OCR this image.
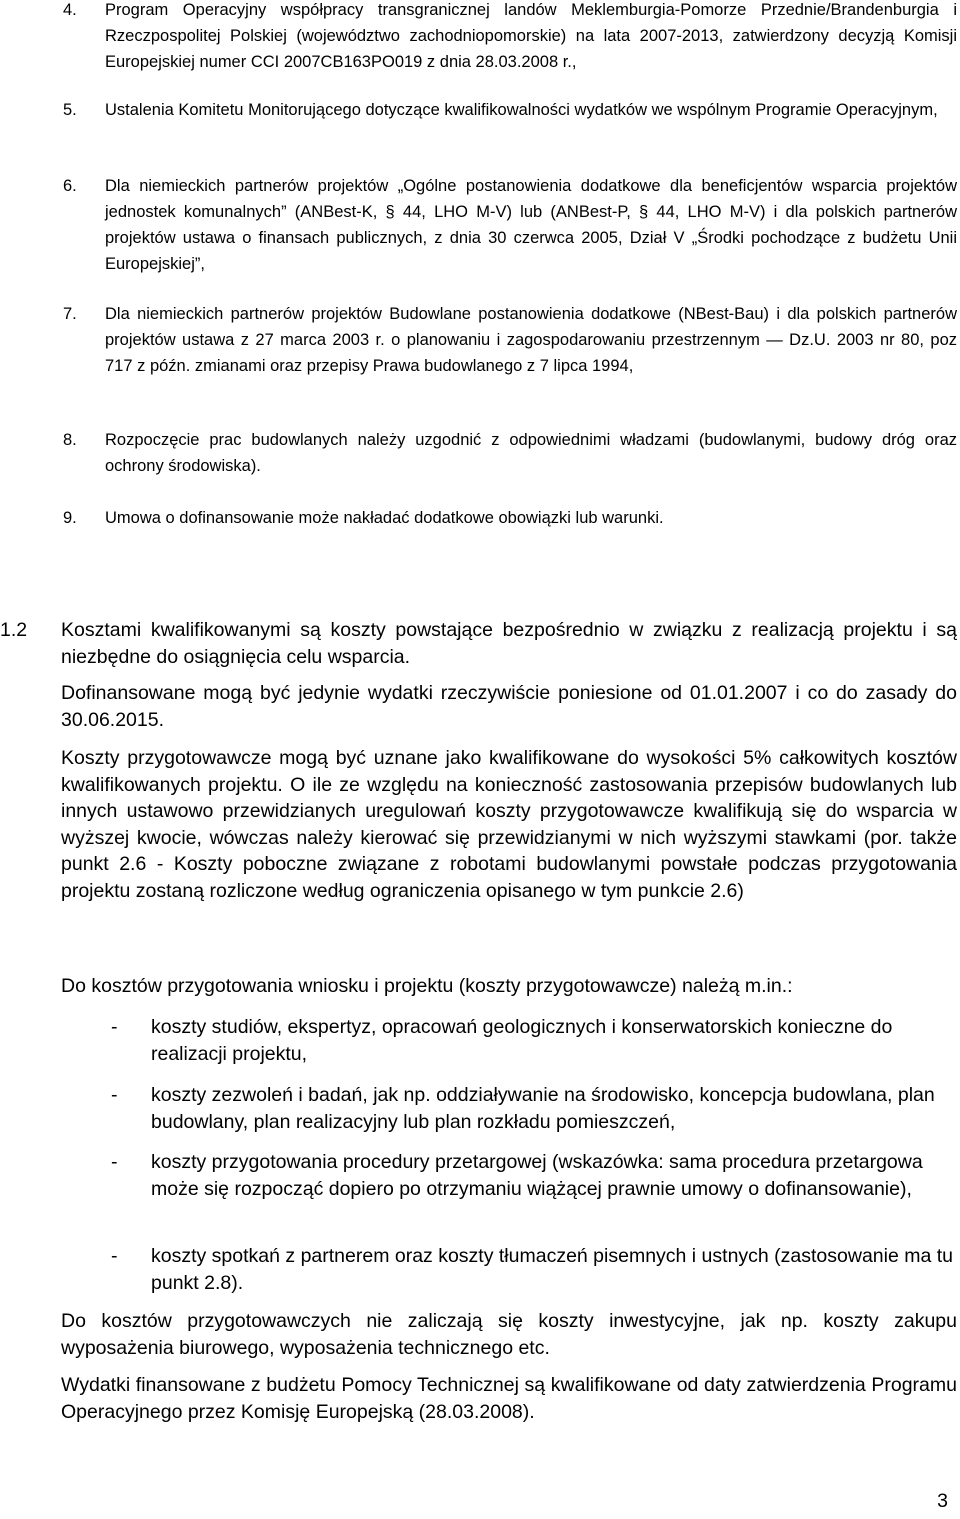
4. Program Operacyjny współpracy transgranicznej landów Meklemburgia-Pomorze Przednie/Brandenburgia i Rzeczpospolitej Polskiej (województwo zachodniopomorskie) na lata 2007-2013, zatwierdzony decyzją Komisji Europejskiej numer CCI 2007CB163PO019 z dnia 28.03.2008 r.,
5. Ustalenia Komitetu Monitorującego dotyczące kwalifikowalności wydatków we wspólnym Programie Operacyjnym,
6. Dla niemieckich partnerów projektów „Ogólne postanowienia dodatkowe dla beneficjentów wsparcia projektów jednostek komunalnych” (ANBest-K, § 44, LHO M-V) lub (ANBest-P, § 44, LHO M-V) i dla polskich partnerów projektów ustawa o finansach publicznych, z dnia 30 czerwca 2005, Dział V „Środki pochodzące z budżetu Unii Europejskiej”,
7. Dla niemieckich partnerów projektów Budowlane postanowienia dodatkowe (NBest-Bau) i dla polskich partnerów projektów ustawa z 27 marca 2003 r. o planowaniu i zagospodarowaniu przestrzennym — Dz.U. 2003 nr 80, poz 717 z późn. zmianami oraz przepisy Prawa budowlanego z 7 lipca 1994,
8. Rozpoczęcie prac budowlanych należy uzgodnić z odpowiednimi władzami (budowlanymi, budowy dróg oraz ochrony środowiska).
9. Umowa o dofinansowanie może nakładać dodatkowe obowiązki lub warunki.
1.2 Kosztami kwalifikowanymi są koszty powstające bezpośrednio w związku z realizacją projektu i są niezbędne do osiągnięcia celu wsparcia.
Dofinansowane mogą być jedynie wydatki rzeczywiście poniesione od 01.01.2007 i co do zasady do 30.06.2015.
Koszty przygotowawcze mogą być uznane jako kwalifikowane do wysokości 5% całkowitych kosztów kwalifikowanych projektu. O ile ze względu na konieczność zastosowania przepisów budowlanych lub innych ustawowo przewidzianych uregulowań koszty przygotowawcze kwalifikują się do wsparcia w wyższej kwocie, wówczas należy kierować się przewidzianymi w nich wyższymi stawkami (por. także punkt 2.6 - Koszty poboczne związane z robotami budowlanymi powstałe podczas przygotowania projektu zostaną rozliczone według ograniczenia opisanego w tym punkcie 2.6)
Do kosztów przygotowania wniosku i projektu (koszty przygotowawcze) należą m.in.:
- koszty studiów, ekspertyz, opracowań geologicznych i konserwatorskich konieczne do realizacji projektu,
- koszty zezwoleń i badań, jak np. oddziaływanie na środowisko, koncepcja budowlana, plan budowlany, plan realizacyjny lub plan rozkładu pomieszczeń,
- koszty przygotowania procedury przetargowej (wskazówka: sama procedura przetargowa może się rozpocząć dopiero po otrzymaniu wiążącej prawnie umowy o dofinansowanie),
- koszty spotkań z partnerem oraz koszty tłumaczeń pisemnych i ustnych (zastosowanie ma tu punkt 2.8).
Do kosztów przygotowawczych nie zaliczają się koszty inwestycyjne, jak np. koszty zakupu wyposażenia biurowego, wyposażenia technicznego etc.
Wydatki finansowane z budżetu Pomocy Technicznej są kwalifikowane od daty zatwierdzenia Programu Operacyjnego przez Komisję Europejską (28.03.2008).
3
